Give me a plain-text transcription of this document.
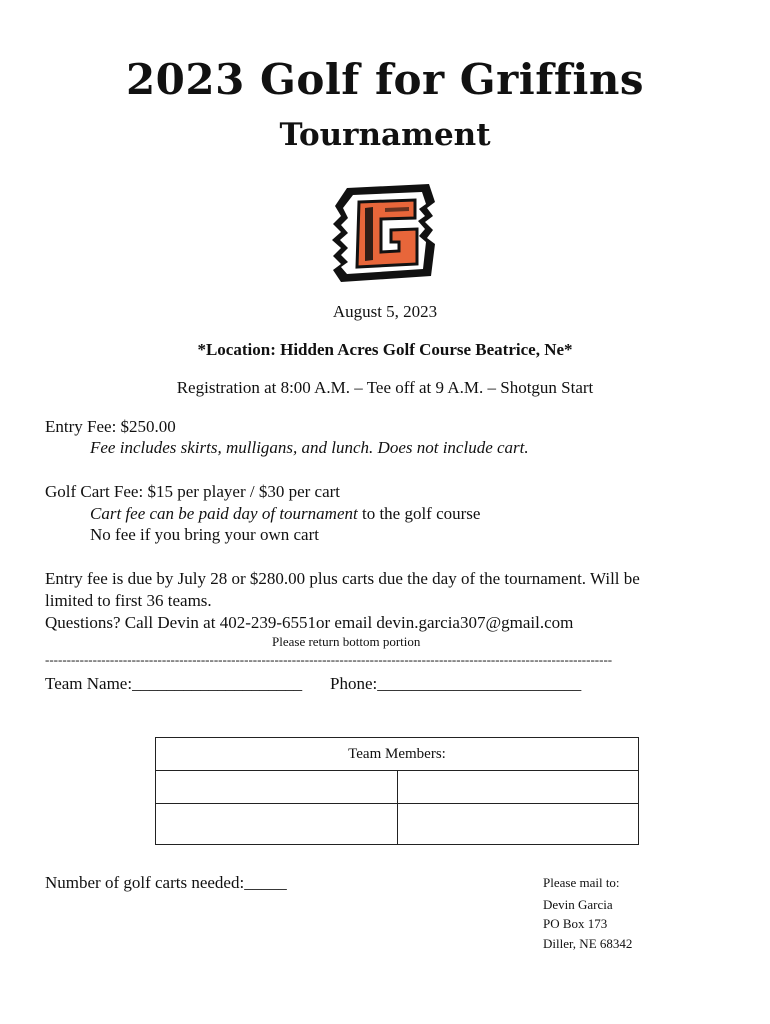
2023 Golf for Griffins
Tournament
August 5, 2023
*Location: Hidden Acres Golf Course Beatrice, Ne*
Registration at 8:00 A.M. – Tee off at 9 A.M. – Shotgun Start
Entry Fee: $250.00
Fee includes skirts, mulligans, and lunch. Does not include cart.
Golf Cart Fee: $15 per player / $30 per cart
Cart fee can be paid day of tournament to the golf course
No fee if you bring your own cart
Entry fee is due by July 28 or $280.00 plus carts due the day of the tournament. Will be
limited to first 36 teams.
Questions? Call Devin at 402-239-6551or email devin.garcia307@gmail.com
Please return bottom portion
-----------------------------------------------------------------------------------------------------------------------------------
Team Name:____________________ Phone:________________________
Team Members:	

Number of golf carts needed:_____	Please mail to:
Devin Garcia
PO Box 173
Diller, NE 68342
